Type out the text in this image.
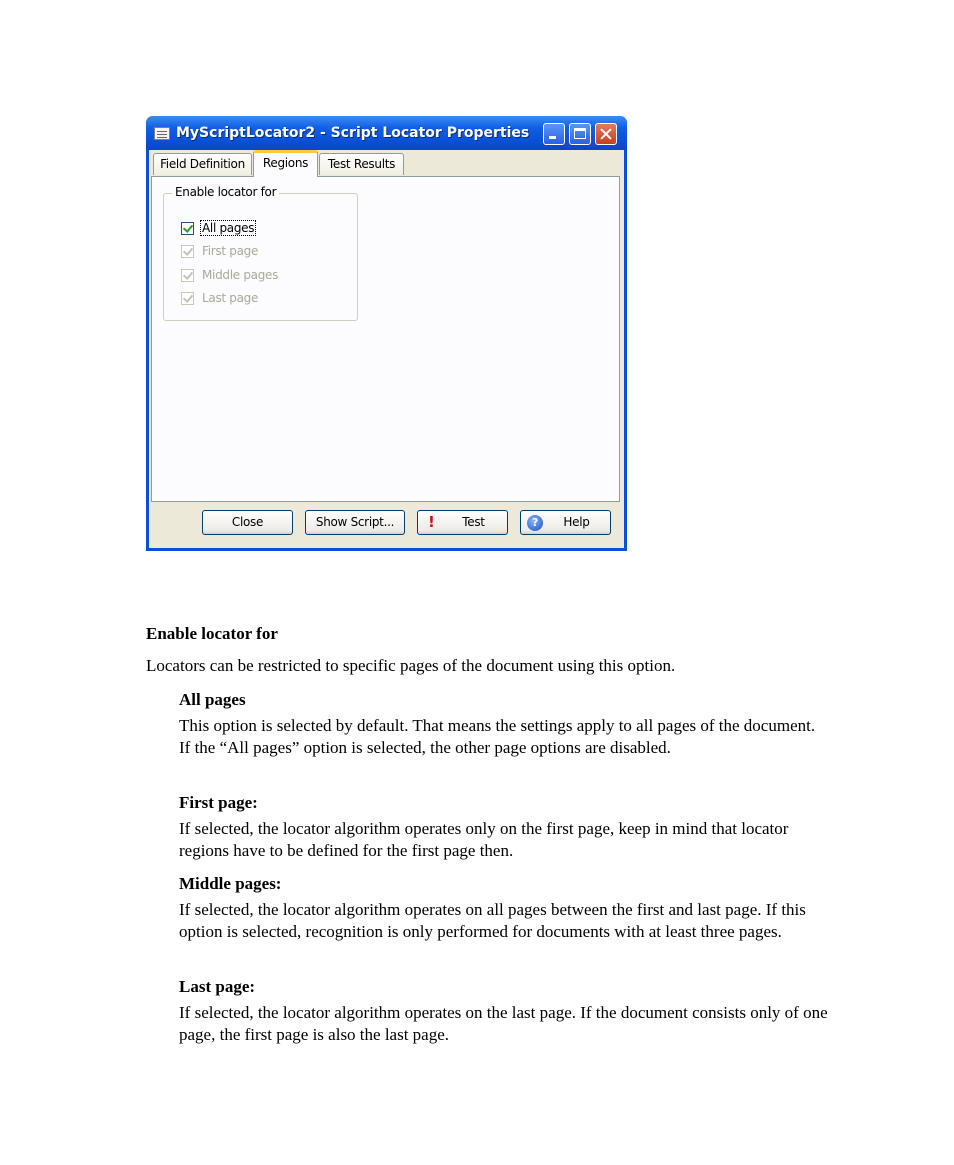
MyScriptLocator2 - Script Locator Properties
Field Definition	Regions	Test Results
Enable locator for
All pages
First page
Middle pages
Last page
Close	Show Script...	!	Test	?	Help
Enable locator for
Locators can be restricted to specific pages of the document using this option.
All pages
This option is selected by default. That means the settings apply to all pages of the document. If the “All pages” option is selected, the other page options are disabled.
First page:
If selected, the locator algorithm operates only on the first page, keep in mind that locator regions have to be defined for the first page then.
Middle pages:
If selected, the locator algorithm operates on all pages between the first and last page. If this option is selected, recognition is only performed for documents with at least three pages.
Last page:
If selected, the locator algorithm operates on the last page. If the document consists only of one page, the first page is also the last page.
